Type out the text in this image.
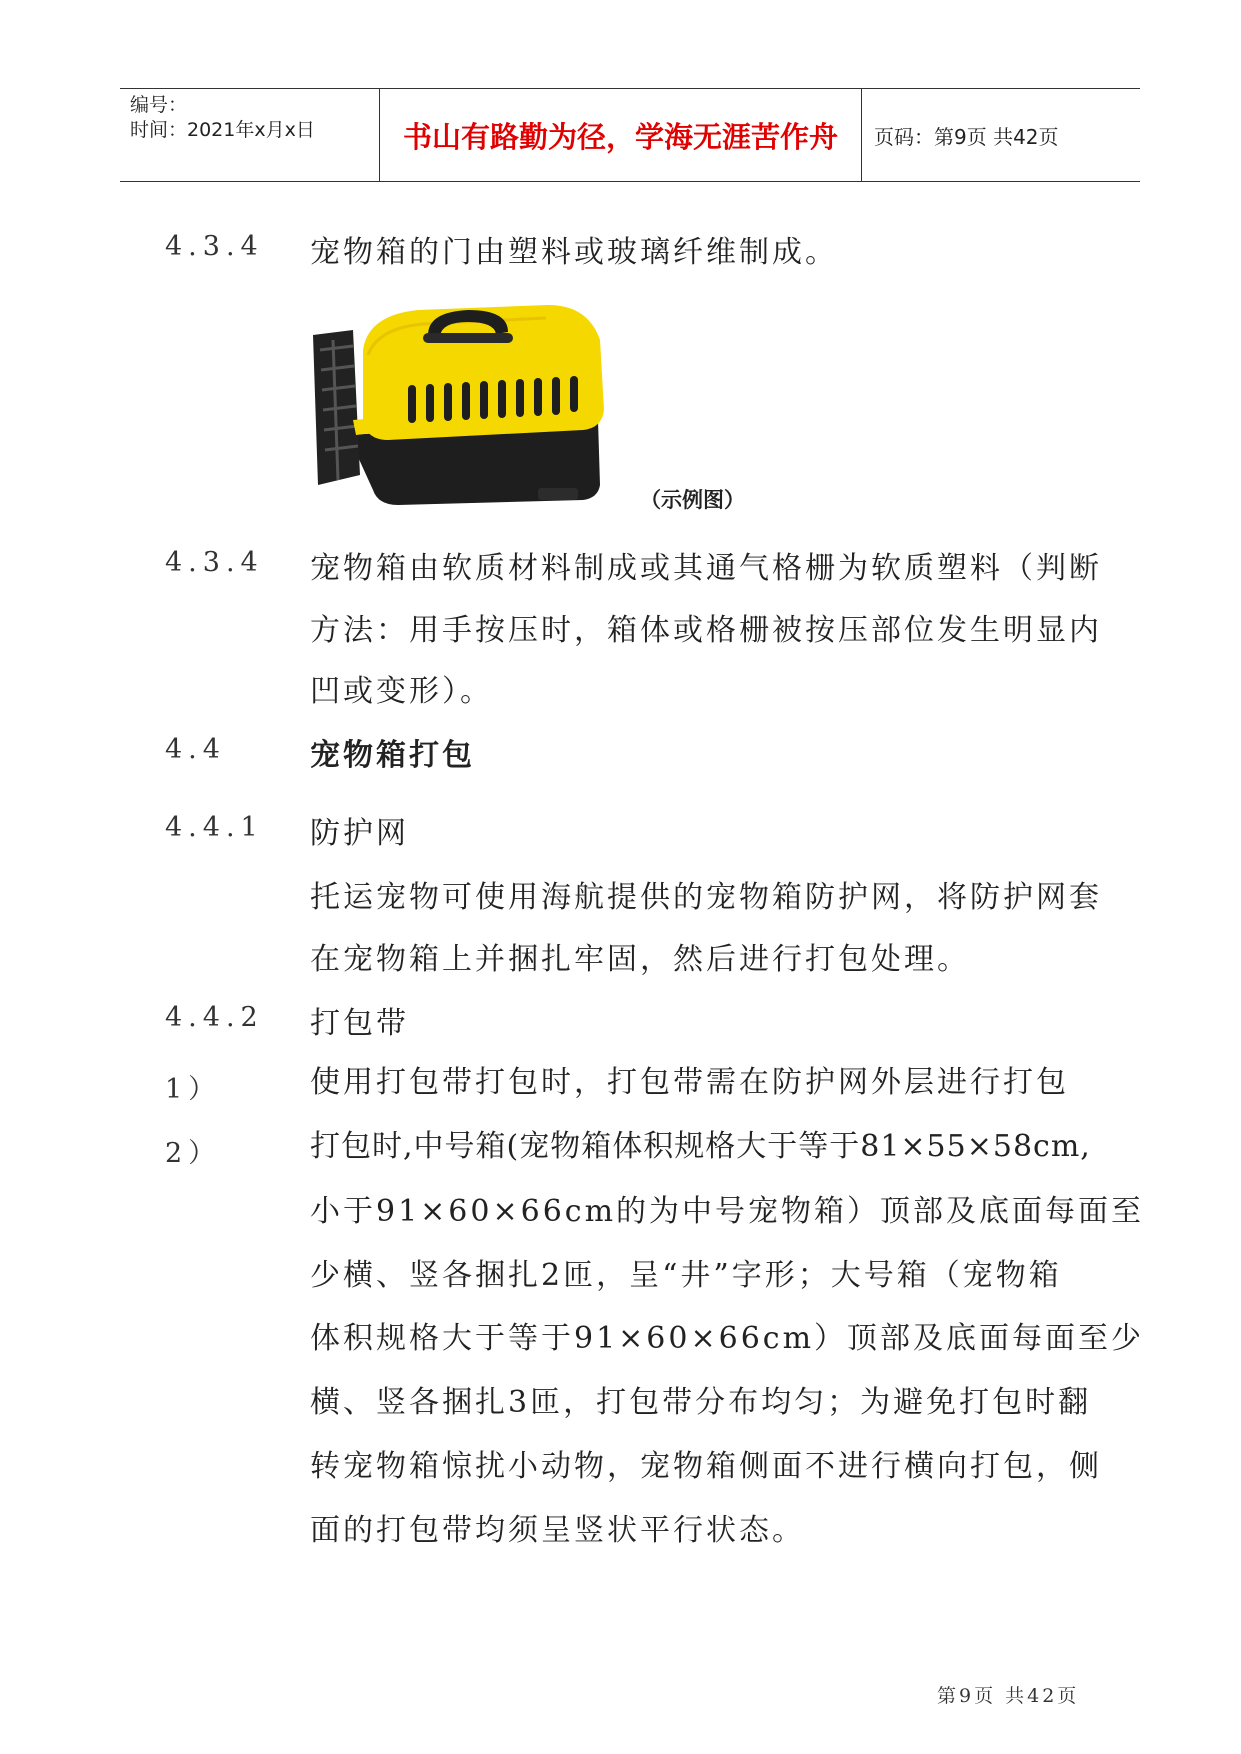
编号：
时间：2021年x月x日	书山有路勤为径，学海无涯苦作舟	页码：第9页 共42页
4.3.4 宠物箱的门由塑料或玻璃纤维制成。
（示例图）
4.3.4 宠物箱由软质材料制成或其通气格栅为软质塑料（判断
方法：用手按压时，箱体或格栅被按压部位发生明显内
凹或变形）。
4.4	宠物箱打包
4.4.1 防护网
托运宠物可使用海航提供的宠物箱防护网，将防护网套
在宠物箱上并捆扎牢固，然后进行打包处理。
4.4.2 打包带
1）	使用打包带打包时，打包带需在防护网外层进行打包
2）	打包时,中号箱(宠物箱体积规格大于等于81×55×58cm,
小于91×60×66cm的为中号宠物箱）顶部及底面每面至
少横、竖各捆扎2匝，呈“井”字形；大号箱（宠物箱
体积规格大于等于91×60×66cm）顶部及底面每面至少
横、竖各捆扎3匝，打包带分布均匀；为避免打包时翻
转宠物箱惊扰小动物，宠物箱侧面不进行横向打包，侧
面的打包带均须呈竖状平行状态。
第9页 共42页
